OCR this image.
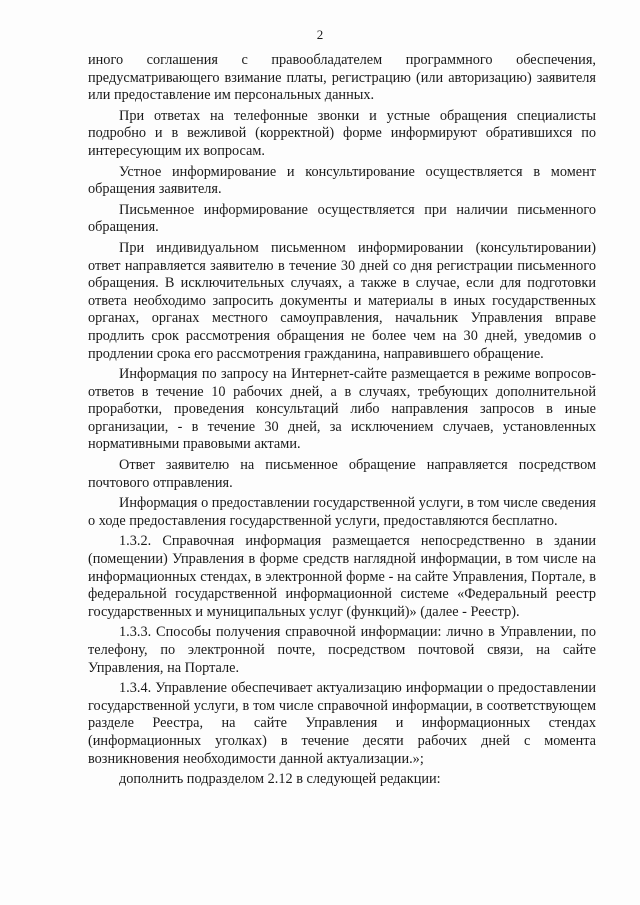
2

иного соглашения с правообладателем программного обеспечения, предусматривающего взимание платы, регистрацию (или авторизацию) заявителя или предоставление им персональных данных.

При ответах на телефонные звонки и устные обращения специалисты подробно и в вежливой (корректной) форме информируют обратившихся по интересующим их вопросам.

Устное информирование и консультирование осуществляется в момент обращения заявителя.

Письменное информирование осуществляется при наличии письменного обращения.

При индивидуальном письменном информировании (консультировании) ответ направляется заявителю в течение 30 дней со дня регистрации письменного обращения. В исключительных случаях, а также в случае, если для подготовки ответа необходимо запросить документы и материалы в иных государственных органах, органах местного самоуправления, начальник Управления вправе продлить срок рассмотрения обращения не более чем на 30 дней, уведомив о продлении срока его рассмотрения гражданина, направившего обращение.

Информация по запросу на Интернет-сайте размещается в режиме вопросов-ответов в течение 10 рабочих дней, а в случаях, требующих дополнительной проработки, проведения консультаций либо направления запросов в иные организации, - в течение 30 дней, за исключением случаев, установленных нормативными правовыми актами.

Ответ заявителю на письменное обращение направляется посредством почтового отправления.

Информация о предоставлении государственной услуги, в том числе сведения о ходе предоставления государственной услуги, предоставляются бесплатно.

1.3.2. Справочная информация размещается непосредственно в здании (помещении) Управления в форме средств наглядной информации, в том числе на информационных стендах, в электронной форме - на сайте Управления, Портале, в федеральной государственной информационной системе «Федеральный реестр государственных и муниципальных услуг (функций)» (далее - Реестр).

1.3.3. Способы получения справочной информации: лично в Управлении, по телефону, по электронной почте, посредством почтовой связи, на сайте Управления, на Портале.

1.3.4. Управление обеспечивает актуализацию информации о предоставлении государственной услуги, в том числе справочной информации, в соответствующем разделе Реестра, на сайте Управления и информационных стендах (информационных уголках) в течение десяти рабочих дней с момента возникновения необходимости данной актуализации.»;

дополнить подразделом 2.12 в следующей редакции:
